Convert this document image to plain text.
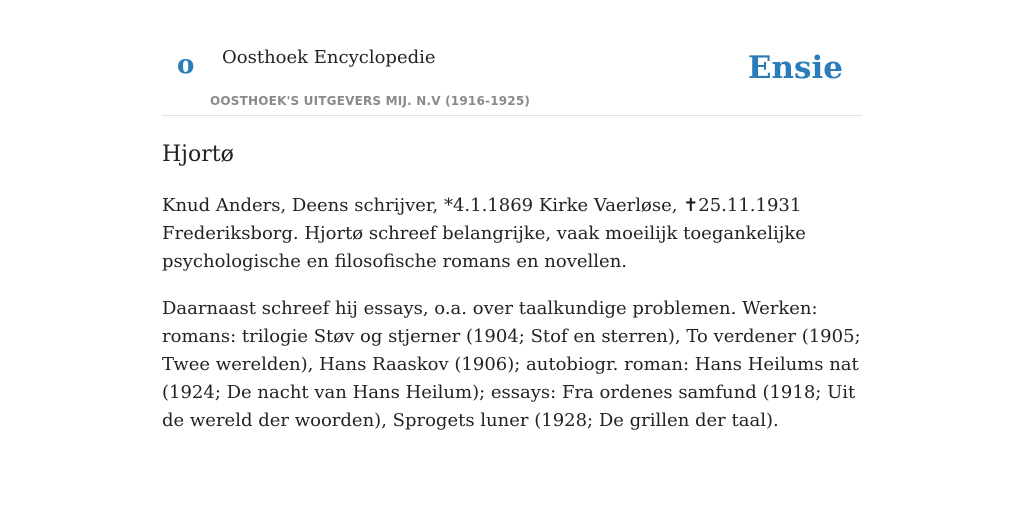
o Oosthoek Encyclopedie
OOSTHOEK'S UITGEVERS MIJ. N.V (1916-1925)
Ensie
Hjortø

Knud Anders, Deens schrijver, *4.1.1869 Kirke Vaerløse, ✝25.11.1931 Frederiksborg. Hjortø schreef belangrijke, vaak moeilijk toegankelijke psychologische en filosofische romans en novellen.

Daarnaast schreef hij essays, o.a. over taalkundige problemen. Werken: romans: trilogie Støv og stjerner (1904; Stof en sterren), To verdener (1905; Twee werelden), Hans Raaskov (1906); autobiogr. roman: Hans Heilums nat (1924; De nacht van Hans Heilum); essays: Fra ordenes samfund (1918; Uit de wereld der woorden), Sprogets luner (1928; De grillen der taal).
